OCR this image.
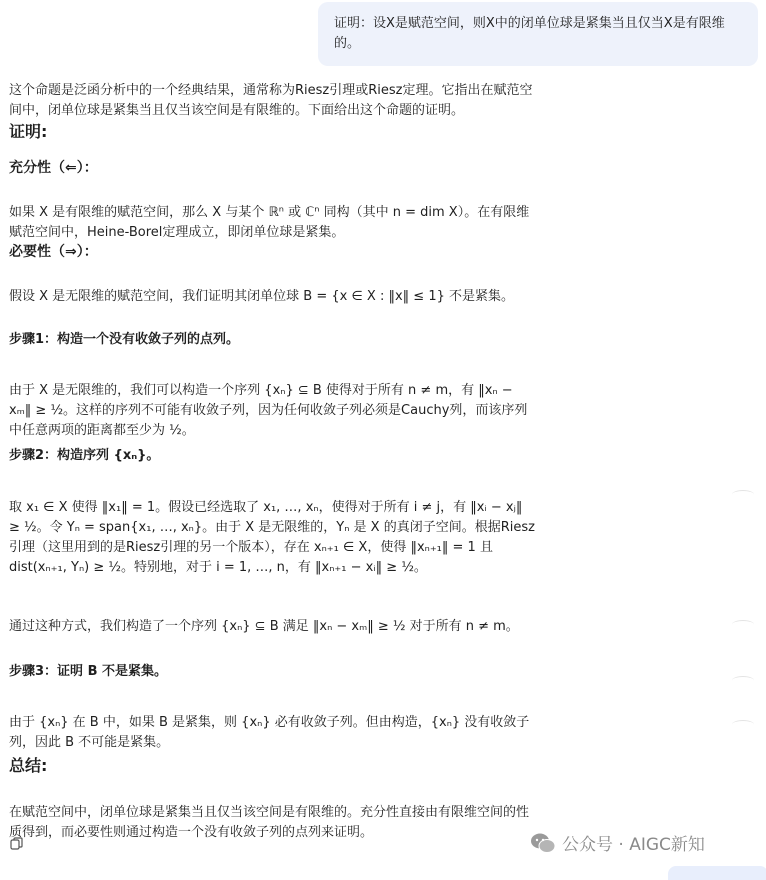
证明：设X是赋范空间，则X中的闭单位球是紧集当且仅当X是有限维的。

这个命题是泛函分析中的一个经典结果，通常称为Riesz引理或Riesz定理。它指出在赋范空间中，闭单位球是紧集当且仅当该空间是有限维的。下面给出这个命题的证明。

证明:
充分性（⇐）：

如果 X 是有限维的赋范空间，那么 X 与某个 ℝⁿ 或 ℂⁿ 同构（其中 n = dim X）。在有限维赋范空间中，Heine-Borel定理成立，即闭单位球是紧集。

必要性（⇒）：

假设 X 是无限维的赋范空间，我们证明其闭单位球 B = {x ∈ X : ‖x‖ ≤ 1} 不是紧集。

步骤1：构造一个没有收敛子列的点列。

由于 X 是无限维的，我们可以构造一个序列 {xₙ} ⊆ B 使得对于所有 n ≠ m，有 ‖xₙ − xₘ‖ ≥ ½。这样的序列不可能有收敛子列，因为任何收敛子列必须是Cauchy列，而该序列中任意两项的距离都至少为 ½。

步骤2：构造序列 {xₙ}。

取 x₁ ∈ X 使得 ‖x₁‖ = 1。假设已经选取了 x₁, …, xₙ，使得对于所有 i ≠ j，有 ‖xᵢ − xⱼ‖ ≥ ½。令 Yₙ = span{x₁, …, xₙ}。由于 X 是无限维的，Yₙ 是 X 的真闭子空间。根据Riesz引理（这里用到的是Riesz引理的另一个版本），存在 xₙ₊₁ ∈ X，使得 ‖xₙ₊₁‖ = 1 且 dist(xₙ₊₁, Yₙ) ≥ ½。特别地，对于 i = 1, …, n，有 ‖xₙ₊₁ − xᵢ‖ ≥ ½。

通过这种方式，我们构造了一个序列 {xₙ} ⊆ B 满足 ‖xₙ − xₘ‖ ≥ ½ 对于所有 n ≠ m。

步骤3：证明 B 不是紧集。

由于 {xₙ} 在 B 中，如果 B 是紧集，则 {xₙ} 必有收敛子列。但由构造，{xₙ} 没有收敛子列，因此 B 不可能是紧集。

总结:

在赋范空间中，闭单位球是紧集当且仅当该空间是有限维的。充分性直接由有限维空间的性质得到，而必要性则通过构造一个没有收敛子列的点列来证明。

公众号 · AIGC新知
